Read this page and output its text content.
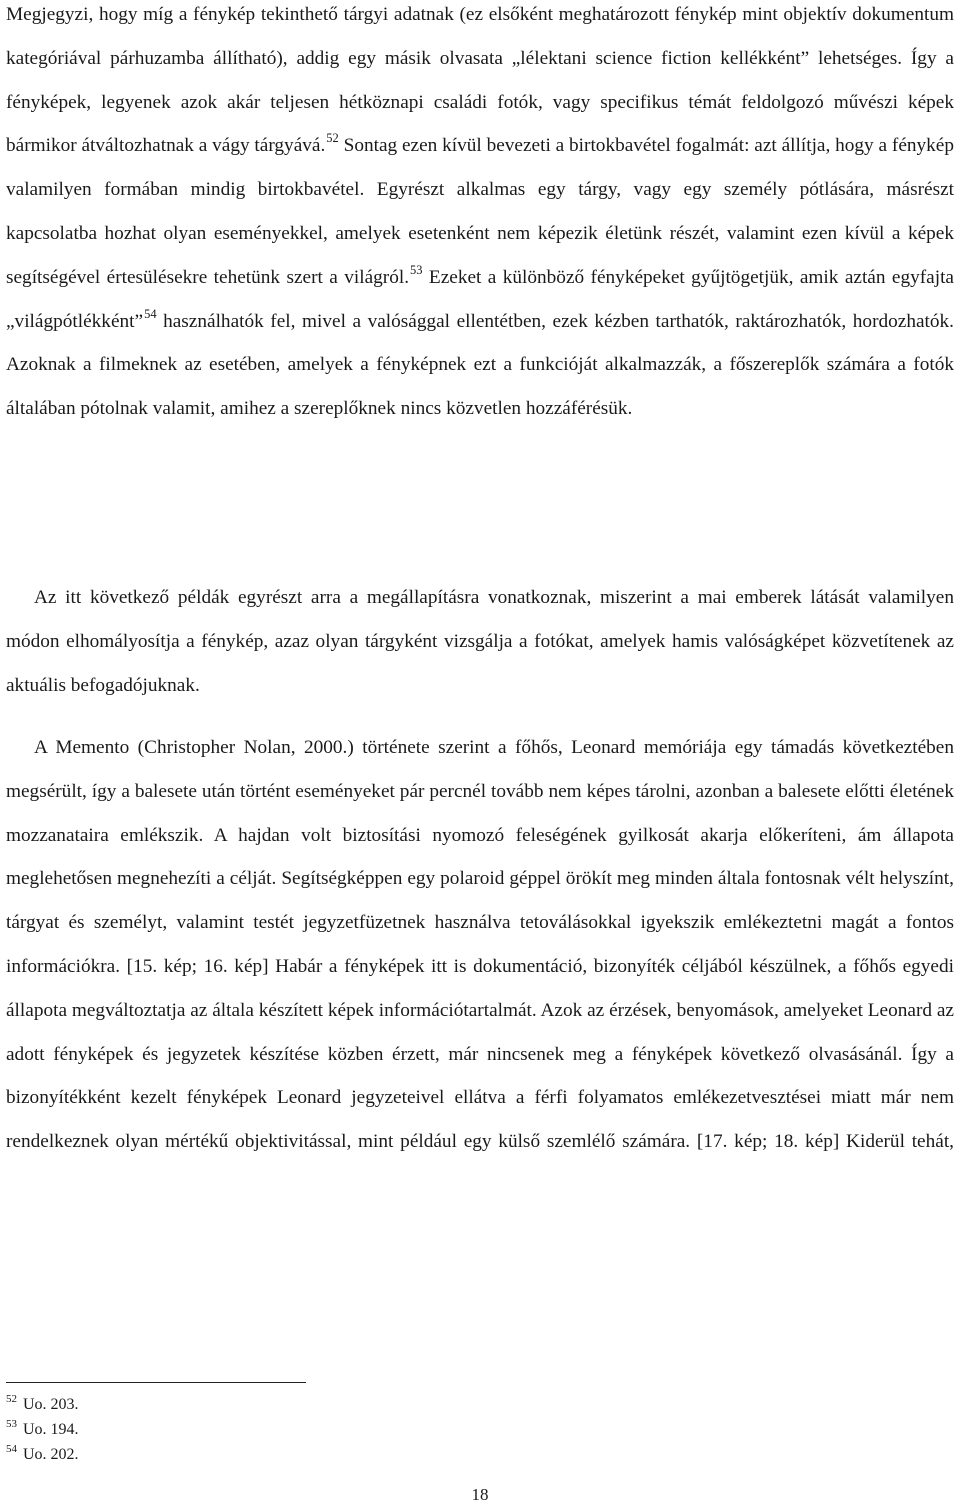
Megjegyzi, hogy míg a fénykép tekinthető tárgyi adatnak (ez elsőként meghatározott fénykép mint objektív dokumentum kategóriával párhuzamba állítható), addig egy másik olvasata „lélektani science fiction kellékként” lehetséges. Így a fényképek, legyenek azok akár teljesen hétköznapi családi fotók, vagy specifikus témát feldolgozó művészi képek bármikor átváltozhatnak a vágy tárgyává.$^{52}$ Sontag ezen kívül bevezeti a birtokbavétel fogalmát: azt állítja, hogy a fénykép valamilyen formában mindig birtokbavétel. Egyrészt alkalmas egy tárgy, vagy egy személy pótlására, másrészt kapcsolatba hozhat olyan eseményekkel, amelyek esetenként nem képezik életünk részét, valamint ezen kívül a képek segítségével értesülésekre tehetünk szert a világról.$^{53}$ Ezeket a különböző fényképeket gyűjtögetjük, amik aztán egyfajta „világpótlékként”$^{54}$ használhatók fel, mivel a valósággal ellentétben, ezek kézben tarthatók, raktározhatók, hordozhatók. Azoknak a filmeknek az esetében, amelyek a fényképnek ezt a funkcióját alkalmazzák, a főszereplők számára a fotók általában pótolnak valamit, amihez a szereplőknek nincs közvetlen hozzáférésük.

Az itt következő példák egyrészt arra a megállapításra vonatkoznak, miszerint a mai emberek látását valamilyen módon elhomályosítja a fénykép, azaz olyan tárgyként vizsgálja a fotókat, amelyek hamis valóságképet közvetítenek az aktuális befogadójuknak.

A Memento (Christopher Nolan, 2000.) története szerint a főhős, Leonard memóriája egy támadás következtében megsérült, így a balesete után történt eseményeket pár percnél tovább nem képes tárolni, azonban a balesete előtti életének mozzanataira emlékszik. A hajdan volt biztosítási nyomozó feleségének gyilkosát akarja előkeríteni, ám állapota meglehetősen megnehezíti a célját. Segítségképpen egy polaroid géppel örökít meg minden általa fontosnak vélt helyszínt, tárgyat és személyt, valamint testét jegyzetfüzetnek használva tetoválásokkal igyekszik emlékeztetni magát a fontos információkra. [15. kép; 16. kép] Habár a fényképek itt is dokumentáció, bizonyíték céljából készülnek, a főhős egyedi állapota megváltoztatja az általa készített képek információtartalmát. Azok az érzések, benyomások, amelyeket Leonard az adott fényképek és jegyzetek készítése közben érzett, már nincsenek meg a fényképek következő olvasásánál. Így a bizonyítékként kezelt fényképek Leonard jegyzeteivel ellátva a férfi folyamatos emlékezetvesztései miatt már nem rendelkeznek olyan mértékű objektivitással, mint például egy külső szemlélő számára. [17. kép; 18. kép] Kiderül tehát,

$^{52}$ Uo. 203.
$^{53}$ Uo. 194.
$^{54}$ Uo. 202.
18
